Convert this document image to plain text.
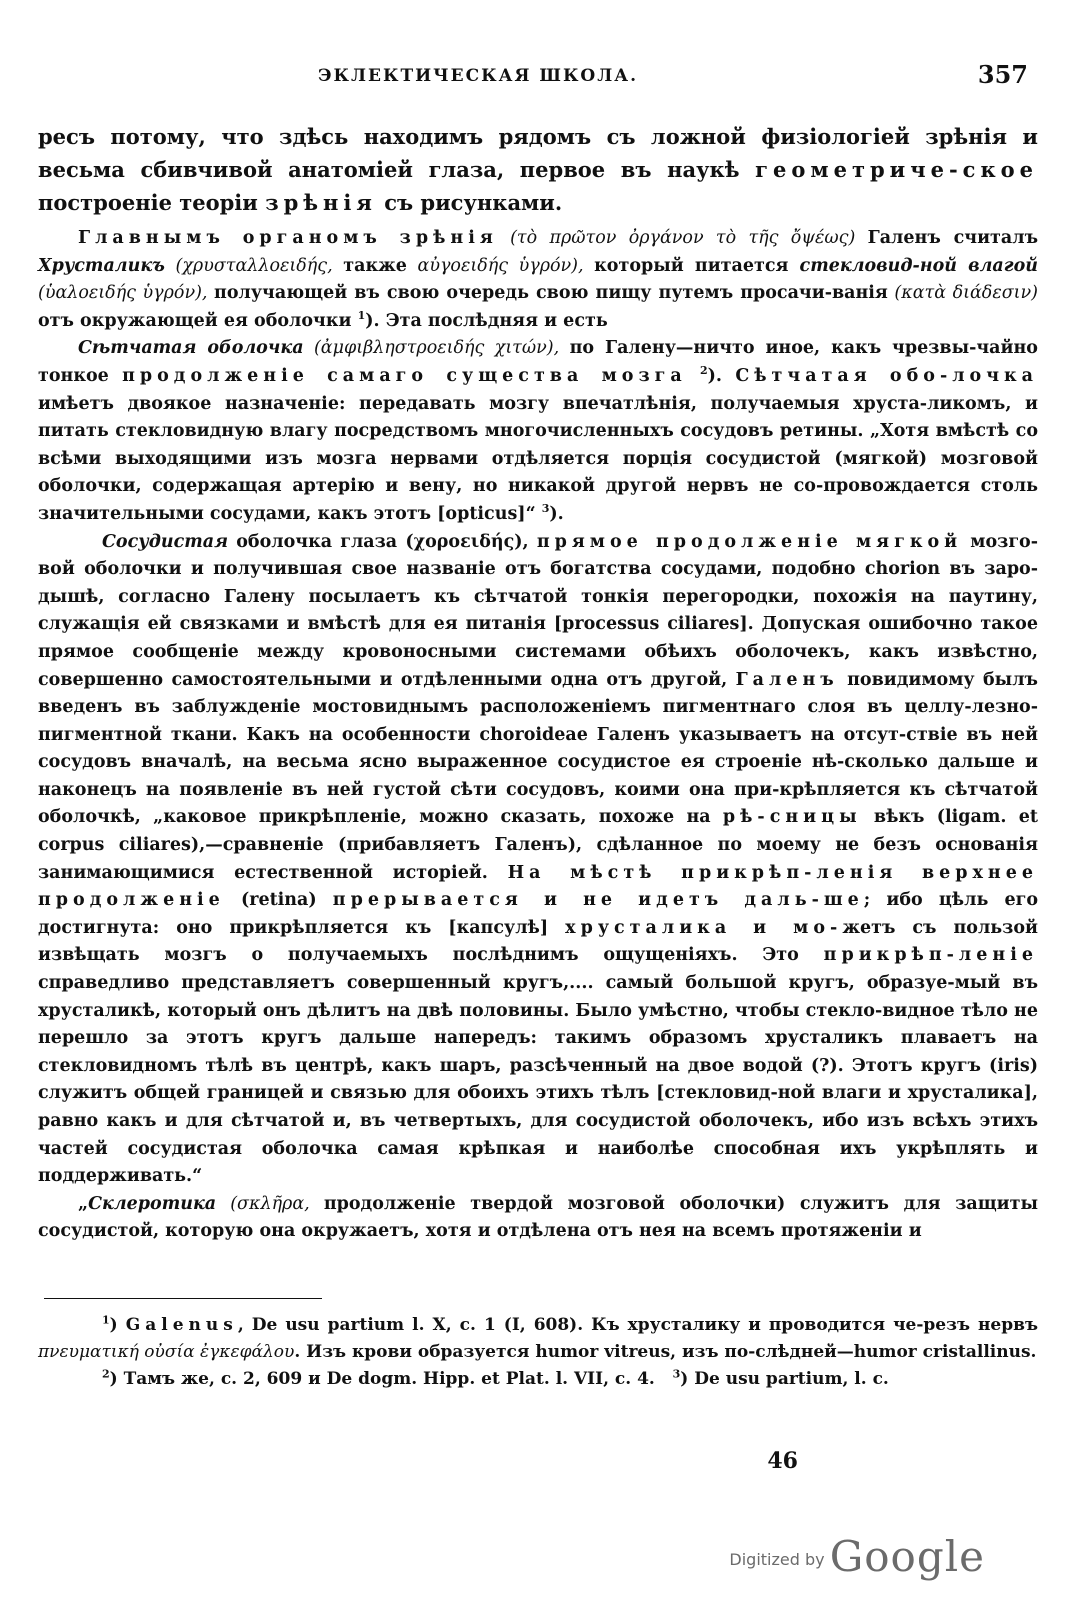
ЭКЛЕКТИЧЕСКАЯ ШКОЛА.	357

ресъ потому, что здѣсь находимъ рядомъ съ ложной физіологіей зрѣнія и весьма сбивчивой анатоміей глаза, первое въ наукѣ геометриче-ское построеніе теоріи зрѣнія съ рисунками.

Главнымъ органомъ зрѣнія (τὸ πρῶτον ὀργάνον τὸ τῆς ὄψέως) Галенъ считалъ Хрусталикъ (χρυσταλλοειδής, также αὐγοειδής ὑγρόν), который питается стекловид-ной влагой (ὑαλοειδής ὑγρόν), получающей въ свою очередь свою пищу путемъ просачи-ванія (κατὰ διάδεσιν) отъ окружающей ея оболочки $^1$). Эта послѣдняя и есть

Сѣтчатая оболочка (ἀμφιβληστροειδής χιτών), по Галену—ничто иное, какъ чрезвы-чайно тонкое продолженіе самаго существа мозга $^2$). Сѣтчатая обо-лочка имѣетъ двоякое назначеніе: передавать мозгу впечатлѣнія, получаемыя хруста-ликомъ, и питать стекловидную влагу посредствомъ многочисленныхъ сосудовъ ретины. „Хотя вмѣстѣ со всѣми выходящими изъ мозга нервами отдѣляется порція сосудистой (мягкой) мозговой оболочки, содержащая артерію и вену, но никакой другой нервъ не со-провождается столь значительными сосудами, какъ этотъ [opticus]“ $^3$).

Сосудистая оболочка глаза (χοροειδής), прямое продолженіе мягкой мозго-вой оболочки и получившая свое названіе отъ богатства сосудами, подобно chorion въ заро-дышѣ, согласно Галену посылаетъ къ сѣтчатой тонкія перегородки, похожія на паутину, служащія ей связками и вмѣстѣ для ея питанія [processus ciliares]. Допуская ошибочно такое прямое сообщеніе между кровоносными системами обѣихъ оболочекъ, какъ извѣстно, совершенно самостоятельными и отдѣленными одна отъ другой, Галенъ повидимому былъ введенъ въ заблужденіе мостовиднымъ расположеніемъ пигментнаго слоя въ целлу-лезно-пигментной ткани. Какъ на особенности choroideae Галенъ указываетъ на отсут-ствіе въ ней сосудовъ вначалѣ, на весьма ясно выраженное сосудистое ея строеніе нѣ-сколько дальше и наконецъ на появленіе въ ней густой сѣти сосудовъ, коими она при-крѣпляется къ сѣтчатой оболочкѣ, „каковое прикрѣпленіе, можно сказать, похоже на рѣ-сницы вѣкъ (ligam. et corpus ciliares),—сравненіе (прибавляетъ Галенъ), сдѣланное по моему не безъ основанія занимающимися естественной исторіей. На мѣстѣ прикрѣп-ленія верхнее продолженіе (retina) прерывается и не идетъ даль-ше; ибо цѣль его достигнута: оно прикрѣпляется къ [капсулѣ] хрусталика и мо-жетъ съ пользой извѣщать мозгъ о получаемыхъ послѣднимъ ощущеніяхъ. Это прикрѣп-леніе справедливо представляетъ совершенный кругъ,.... самый большой кругъ, образуе-мый въ хрусталикѣ, который онъ дѣлитъ на двѣ половины. Было умѣстно, чтобы стекло-видное тѣло не перешло за этотъ кругъ дальше напередъ: такимъ образомъ хрусталикъ плаваетъ на стекловидномъ тѣлѣ въ центрѣ, какъ шаръ, разсѣченный на двое водой (?). Этотъ кругъ (iris) служитъ общей границей и связью для обоихъ этихъ тѣлъ [стекловид-ной влаги и хрусталика], равно какъ и для сѣтчатой и, въ четвертыхъ, для сосудистой оболочекъ, ибо изъ всѣхъ этихъ частей сосудистая оболочка самая крѣпкая и наиболѣе способная ихъ укрѣплять и поддерживать.“

„Склеротика (σκλῆρα, продолженіе твердой мозговой оболочки) служитъ для защиты сосудистой, которую она окружаетъ, хотя и отдѣлена отъ нея на всемъ протяженіи и

$^1$) Galenus, De usu partium l. X, c. 1 (I, 608). Къ хрусталику и проводится че-резъ нервъ πνευματική οὐσία ἐγκεφάλου. Изъ крови образуется humor vitreus, изъ по-слѣдней—humor cristallinus.

$^2$) Тамъ же, с. 2, 609 и De dogm. Hipp. et Plat. l. VII, c. 4. $^3$) De usu partium, l. c.

46
Digitized by Google
